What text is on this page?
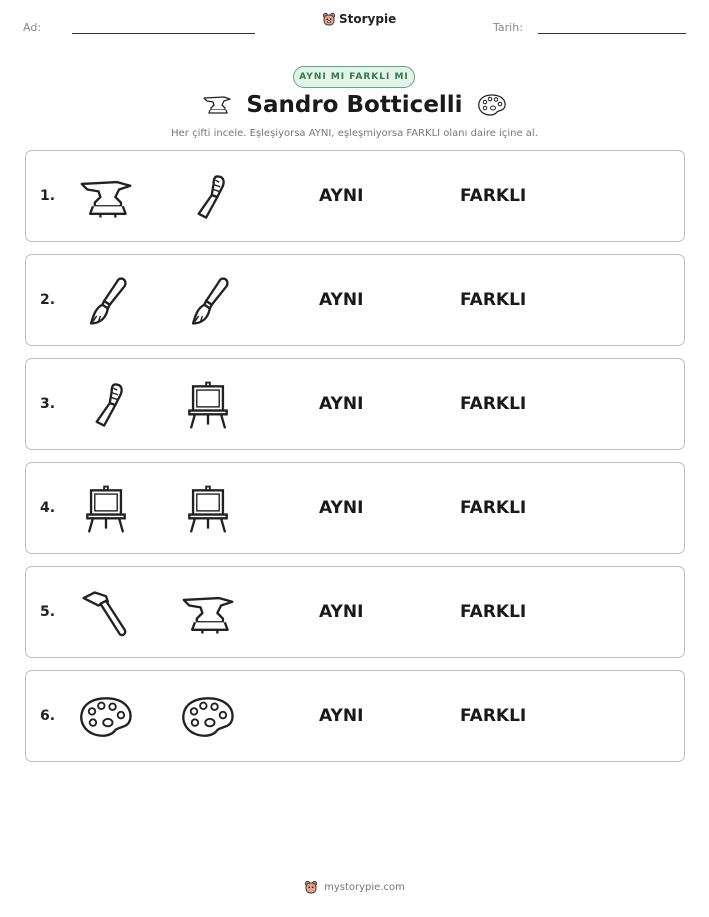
Ad:
Storypie
Tarih:
AYNI MI FARKLI MI
Sandro Botticelli
Her çifti incele. Eşleşiyorsa AYNI, eşleşmiyorsa FARKLI olanı daire içine al.
1.	AYNI	FARKLI
2.	AYNI	FARKLI
3.	AYNI	FARKLI
4.	AYNI	FARKLI
5.	AYNI	FARKLI
6.	AYNI	FARKLI
mystorypie.com
